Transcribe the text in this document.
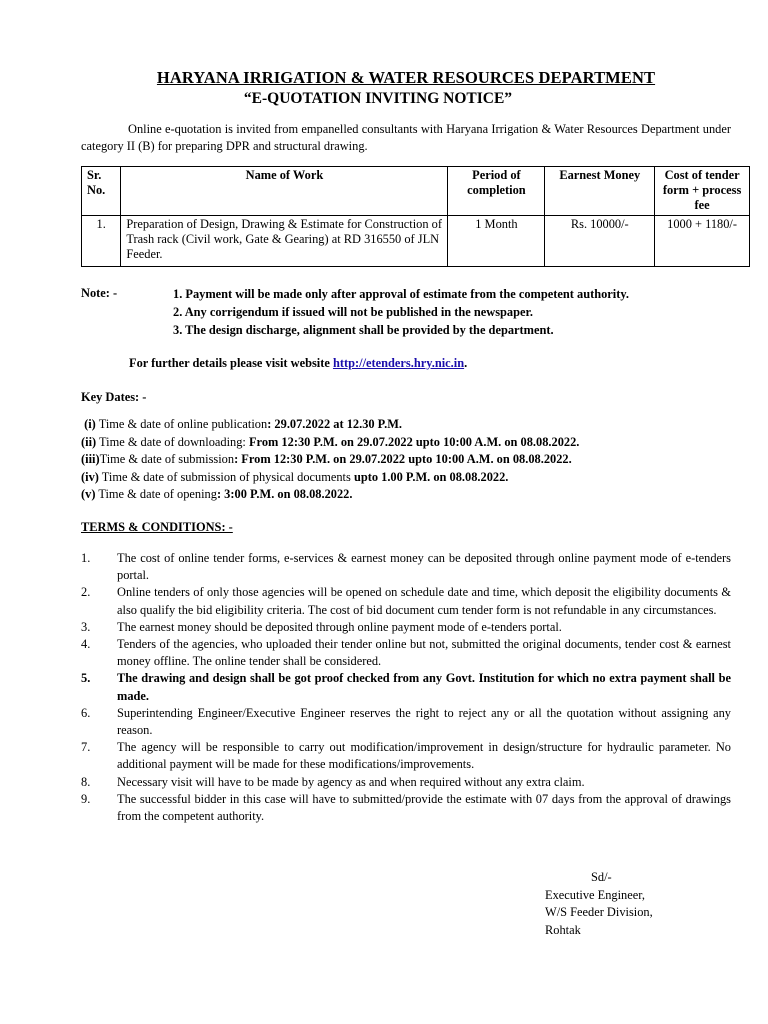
HARYANA IRRIGATION & WATER RESOURCES DEPARTMENT
“E-QUOTATION INVITING NOTICE”
Online e-quotation is invited from empanelled consultants with Haryana Irrigation & Water Resources Department under category II (B) for preparing DPR and structural drawing.
Sr. No.	Name of Work	Period of completion	Earnest Money	Cost of tender form + process fee
1.	Preparation of Design, Drawing & Estimate for Construction of Trash rack (Civil work, Gate & Gearing) at RD 316550 of JLN Feeder.	1 Month	Rs. 10000/-	1000 + 1180/-
Note: -	1. Payment will be made only after approval of estimate from the competent authority.
2. Any corrigendum if issued will not be published in the newspaper.
3. The design discharge, alignment shall be provided by the department.
For further details please visit website http://etenders.hry.nic.in.
Key Dates: -
(i) Time & date of online publication: 29.07.2022 at 12.30 P.M.
(ii) Time & date of downloading: From 12:30 P.M. on 29.07.2022 upto 10:00 A.M. on 08.08.2022.
(iii)Time & date of submission: From 12:30 P.M. on 29.07.2022 upto 10:00 A.M. on 08.08.2022.
(iv) Time & date of submission of physical documents upto 1.00 P.M. on 08.08.2022.
(v) Time & date of opening: 3:00 P.M. on 08.08.2022.
TERMS & CONDITIONS: -
1. The cost of online tender forms, e-services & earnest money can be deposited through online payment mode of e-tenders portal.
2. Online tenders of only those agencies will be opened on schedule date and time, which deposit the eligibility documents & also qualify the bid eligibility criteria. The cost of bid document cum tender form is not refundable in any circumstances.
3. The earnest money should be deposited through online payment mode of e-tenders portal.
4. Tenders of the agencies, who uploaded their tender online but not, submitted the original documents, tender cost & earnest money offline. The online tender shall be considered.
5. The drawing and design shall be got proof checked from any Govt. Institution for which no extra payment shall be made.
6. Superintending Engineer/Executive Engineer reserves the right to reject any or all the quotation without assigning any reason.
7. The agency will be responsible to carry out modification/improvement in design/structure for hydraulic parameter. No additional payment will be made for these modifications/improvements.
8. Necessary visit will have to be made by agency as and when required without any extra claim.
9. The successful bidder in this case will have to submitted/provide the estimate with 07 days from the approval of drawings from the competent authority.
Sd/-
Executive Engineer,
W/S Feeder Division,
Rohtak
